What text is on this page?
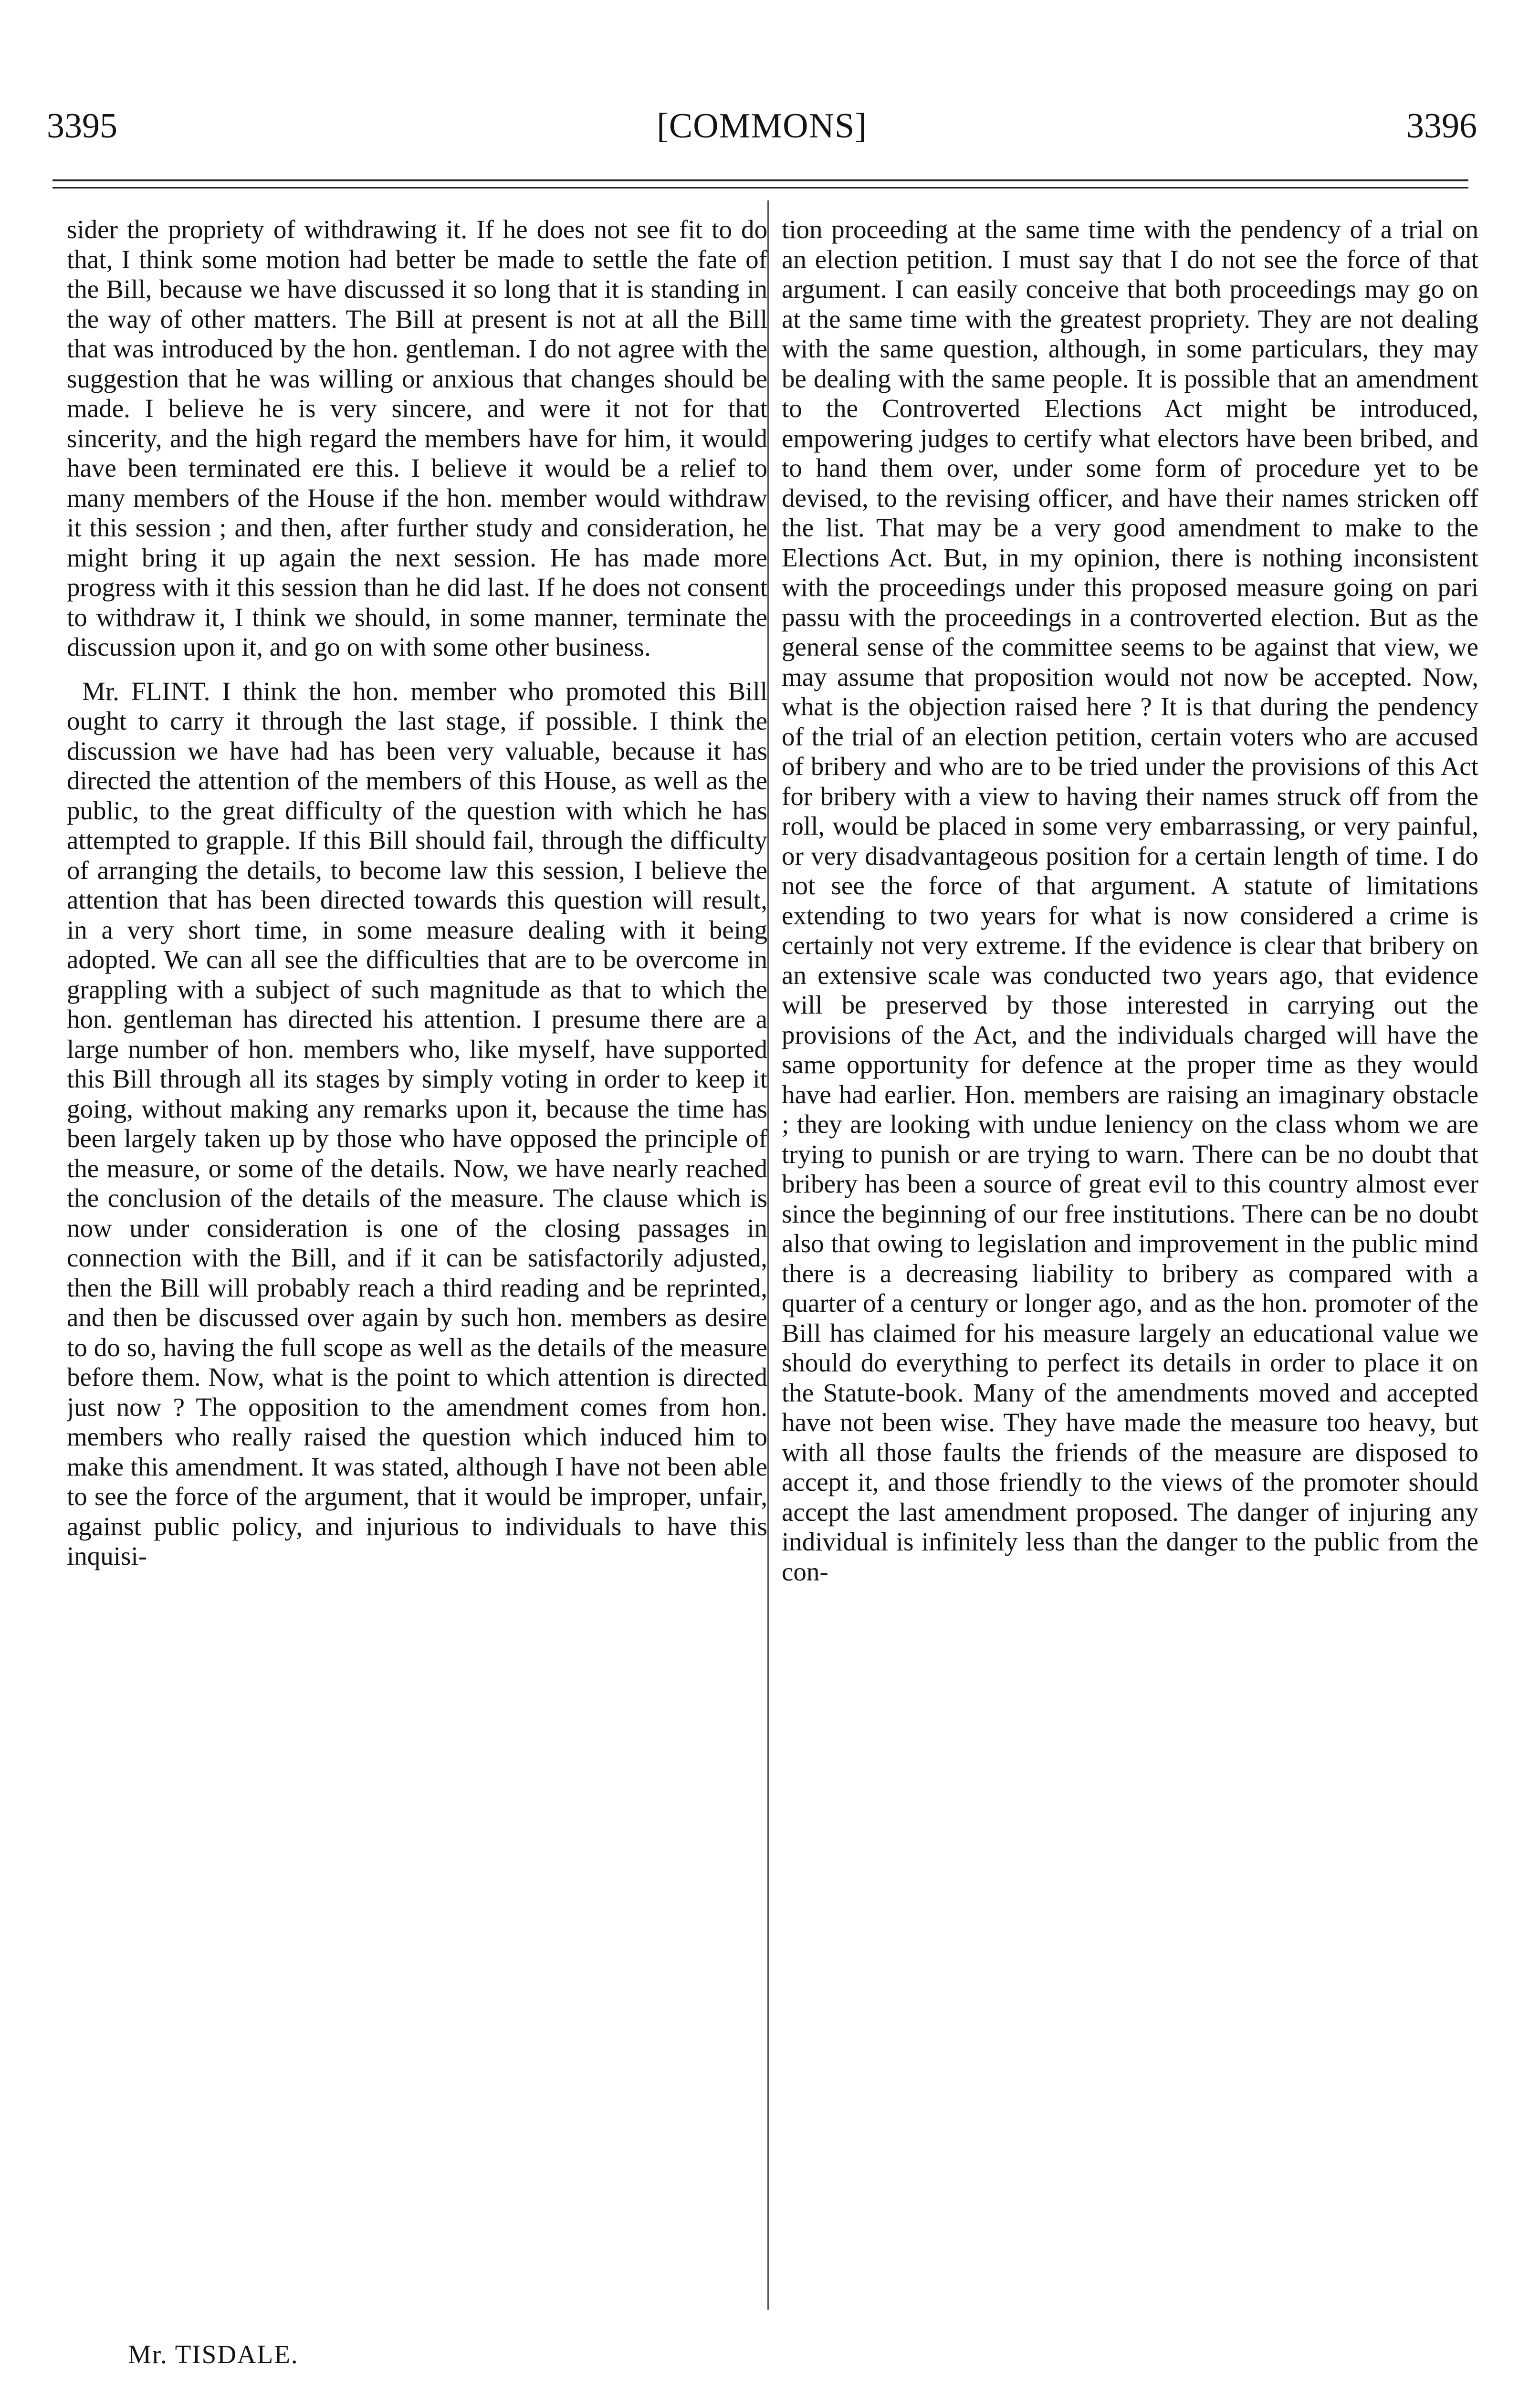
3395	[COMMONS]	3396

sider the propriety of withdrawing it. If he does not see fit to do that, I think some motion had better be made to settle the fate of the Bill, because we have discussed it so long that it is standing in the way of other matters. The Bill at present is not at all the Bill that was introduced by the hon. gentleman. I do not agree with the suggestion that he was willing or anxious that changes should be made. I believe he is very sincere, and were it not for that sincerity, and the high regard the members have for him, it would have been terminated ere this. I believe it would be a relief to many members of the House if the hon. member would withdraw it this session ; and then, after further study and consideration, he might bring it up again the next session. He has made more progress with it this session than he did last. If he does not consent to withdraw it, I think we should, in some manner, terminate the discussion upon it, and go on with some other business.

Mr. FLINT. I think the hon. member who promoted this Bill ought to carry it through the last stage, if possible. I think the discussion we have had has been very valuable, because it has directed the attention of the members of this House, as well as the public, to the great difficulty of the question with which he has attempted to grapple. If this Bill should fail, through the difficulty of arranging the details, to become law this session, I believe the attention that has been directed towards this question will result, in a very short time, in some measure dealing with it being adopted. We can all see the difficulties that are to be overcome in grappling with a subject of such magnitude as that to which the hon. gentleman has directed his attention. I presume there are a large number of hon. members who, like myself, have supported this Bill through all its stages by simply voting in order to keep it going, without making any remarks upon it, because the time has been largely taken up by those who have opposed the principle of the measure, or some of the details. Now, we have nearly reached the conclusion of the details of the measure. The clause which is now under consideration is one of the closing passages in connection with the Bill, and if it can be satisfactorily adjusted, then the Bill will probably reach a third reading and be reprinted, and then be discussed over again by such hon. members as desire to do so, having the full scope as well as the details of the measure before them. Now, what is the point to which attention is directed just now ? The opposition to the amendment comes from hon. members who really raised the question which induced him to make this amendment. It was stated, although I have not been able to see the force of the argument, that it would be improper, unfair, against public policy, and injurious to individuals to have this inquisi-

tion proceeding at the same time with the pendency of a trial on an election petition. I must say that I do not see the force of that argument. I can easily conceive that both proceedings may go on at the same time with the greatest propriety. They are not dealing with the same question, although, in some particulars, they may be dealing with the same people. It is possible that an amendment to the Controverted Elections Act might be introduced, empowering judges to certify what electors have been bribed, and to hand them over, under some form of procedure yet to be devised, to the revising officer, and have their names stricken off the list. That may be a very good amendment to make to the Elections Act. But, in my opinion, there is nothing inconsistent with the proceedings under this proposed measure going on pari passu with the proceedings in a controverted election. But as the general sense of the committee seems to be against that view, we may assume that proposition would not now be accepted. Now, what is the objection raised here ? It is that during the pendency of the trial of an election petition, certain voters who are accused of bribery and who are to be tried under the provisions of this Act for bribery with a view to having their names struck off from the roll, would be placed in some very embarrassing, or very painful, or very disadvantageous position for a certain length of time. I do not see the force of that argument. A statute of limitations extending to two years for what is now considered a crime is certainly not very extreme. If the evidence is clear that bribery on an extensive scale was conducted two years ago, that evidence will be preserved by those interested in carrying out the provisions of the Act, and the individuals charged will have the same opportunity for defence at the proper time as they would have had earlier. Hon. members are raising an imaginary obstacle ; they are looking with undue leniency on the class whom we are trying to punish or are trying to warn. There can be no doubt that bribery has been a source of great evil to this country almost ever since the beginning of our free institutions. There can be no doubt also that owing to legislation and improvement in the public mind there is a decreasing liability to bribery as compared with a quarter of a century or longer ago, and as the hon. promoter of the Bill has claimed for his measure largely an educational value we should do everything to perfect its details in order to place it on the Statute-book. Many of the amendments moved and accepted have not been wise. They have made the measure too heavy, but with all those faults the friends of the measure are disposed to accept it, and those friendly to the views of the promoter should accept the last amendment proposed. The danger of injuring any individual is infinitely less than the danger to the public from the con-

Mr. TISDALE.
